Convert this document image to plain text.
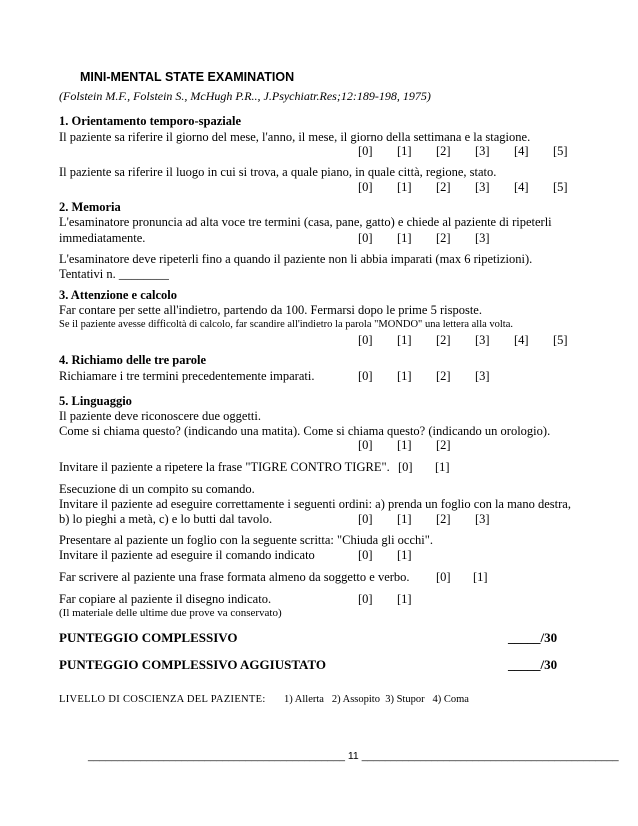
MINI-MENTAL STATE EXAMINATION
(Folstein M.F., Folstein S., McHugh P.R.., J.Psychiatr.Res;12:189-198, 1975)
1. Orientamento temporo-spaziale
Il paziente sa riferire il giorno del mese, l'anno, il mese, il giorno della settimana e la stagione.
[0] [1] [2] [3] [4] [5]
Il paziente sa riferire il luogo in cui si trova, a quale piano, in quale città, regione, stato.
[0] [1] [2] [3] [4] [5]
2. Memoria
L'esaminatore pronuncia ad alta voce tre termini (casa, pane, gatto) e chiede al paziente di ripeterli
immediatamente.	[0] [1] [2] [3]
L'esaminatore deve ripeterli fino a quando il paziente non li abbia imparati (max 6 ripetizioni).
Tentativi n. ________
3. Attenzione e calcolo
Far contare per sette all'indietro, partendo da 100. Fermarsi dopo le prime 5 risposte.
Se il paziente avesse difficoltà di calcolo, far scandire all'indietro la parola "MONDO" una lettera alla volta.
[0] [1] [2] [3] [4] [5]
4. Richiamo delle tre parole
Richiamare i tre termini precedentemente imparati.	[0] [1] [2] [3]
5. Linguaggio
Il paziente deve riconoscere due oggetti.
Come si chiama questo? (indicando una matita). Come si chiama questo? (indicando un orologio).
[0] [1] [2]
Invitare il paziente a ripetere la frase "TIGRE CONTRO TIGRE". [0] [1]
Esecuzione di un compito su comando.
Invitare il paziente ad eseguire correttamente i seguenti ordini: a) prenda un foglio con la mano destra,
b) lo pieghi a metà, c) e lo butti dal tavolo.	[0] [1] [2] [3]
Presentare al paziente un foglio con la seguente scritta: "Chiuda gli occhi".
Invitare il paziente ad eseguire il comando indicato	[0] [1]
Far scrivere al paziente una frase formata almeno da soggetto e verbo. [0] [1]
Far copiare al paziente il disegno indicato.	[0] [1]
(Il materiale delle ultime due prove va conservato)
PUNTEGGIO COMPLESSIVO	_____/30
PUNTEGGIO COMPLESSIVO AGGIUSTATO	_____/30
LIVELLO DI COSCIENZA DEL PAZIENTE: 1) Allerta   2) Assopito  3) Stupor   4) Coma
____________________________________________ 11 ____________________________________________
